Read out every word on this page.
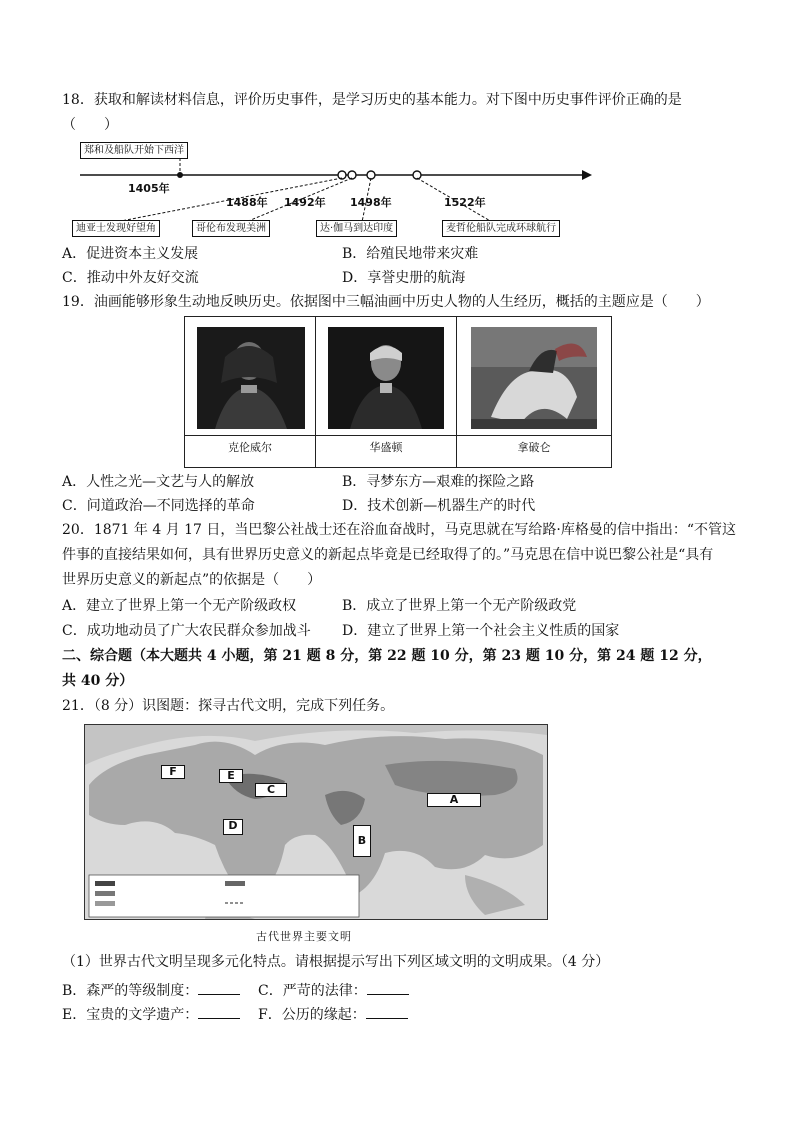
18．获取和解读材料信息，评价历史事件，是学习历史的基本能力。对下图中历史事件评价正确的是
（　　）
郑和及船队开始下西洋
1405年
1488年 1492年 1498年	1522年
迪亚士发现好望角	哥伦布发现美洲	达·伽马到达印度	麦哲伦船队完成环球航行
A．促进资本主义发展	B．给殖民地带来灾难
C．推动中外友好交流	D．享誉史册的航海
19．油画能够形象生动地反映历史。依据图中三幅油画中历史人物的人生经历，概括的主题应是（　　）
克伦威尔	华盛顿	拿破仑
A．人性之光—文艺与人的解放	B．寻梦东方—艰难的探险之路
C．问道政治—不同选择的革命	D．技术创新—机器生产的时代
20．1871 年 4 月 17 日，当巴黎公社战士还在浴血奋战时，马克思就在写给路·库格曼的信中指出：“不管这
件事的直接结果如何，具有世界历史意义的新起点毕竟是已经取得了的。”马克思在信中说巴黎公社是“具有
世界历史意义的新起点”的依据是（　　）
A．建立了世界上第一个无产阶级政权	B．成立了世界上第一个无产阶级政党
C．成功地动员了广大农民群众参加战斗 D．建立了世界上第一个社会主义性质的国家
二、综合题（本大题共 4 小题，第 21 题 8 分，第 22 题 10 分，第 23 题 10 分，第 24 题 12 分，
共 40 分）
21．（8 分）识图题：探寻古代文明，完成下列任务。
F	E
C
D
A
B
古代世界主要文明
（1）世界古代文明呈现多元化特点。请根据提示写出下列区域文明的文明成果。（4 分）
B．森严的等级制度：	C．严苛的法律：
E．宝贵的文学遗产：	F．公历的缘起：
